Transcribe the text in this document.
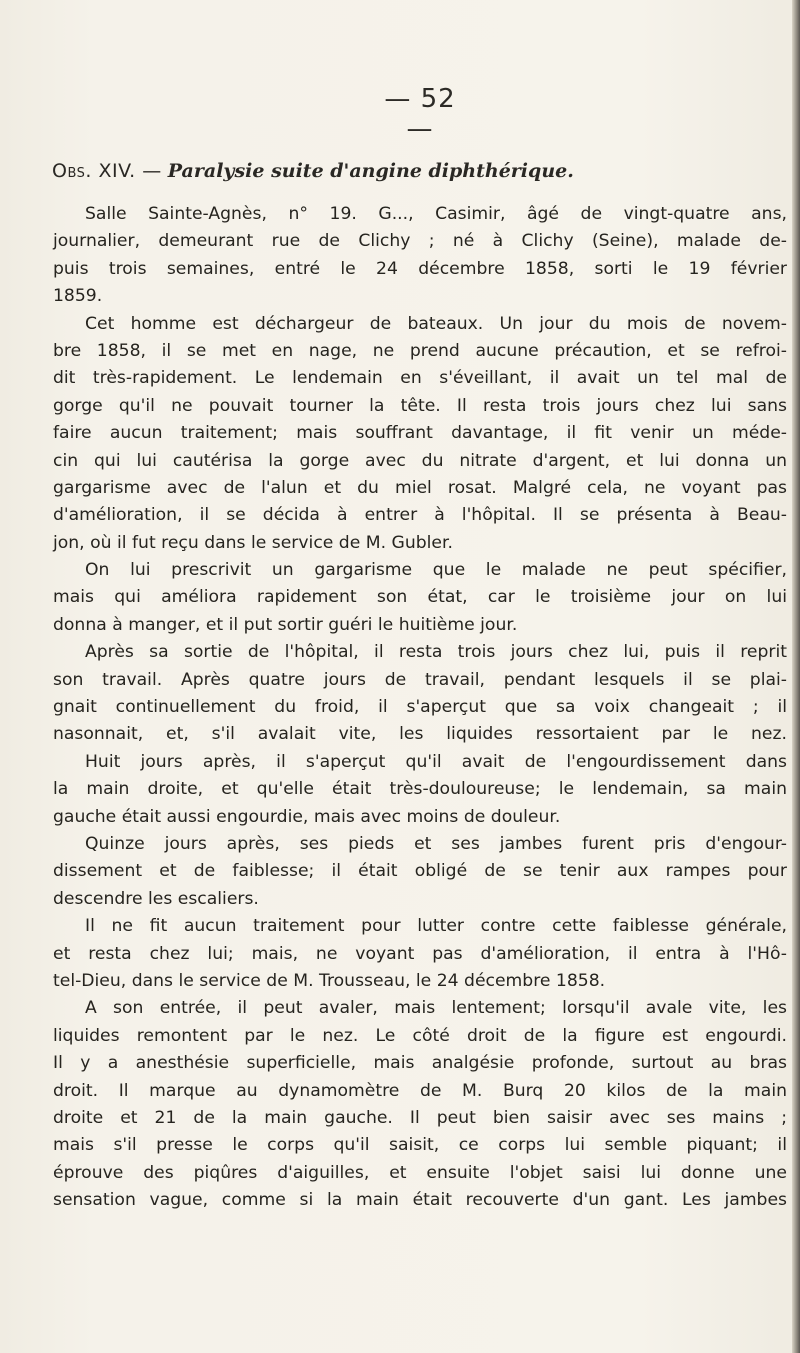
— 52 —
Obs. XIV. — Paralysie suite d'angine diphthérique.
Salle Sainte-Agnès, n° 19. G..., Casimir, âgé de vingt-quatre ans,
journalier, demeurant rue de Clichy ; né à Clichy (Seine), malade de-
puis trois semaines, entré le 24 décembre 1858, sorti le 19 février
1859.
Cet homme est déchargeur de bateaux. Un jour du mois de novem-
bre 1858, il se met en nage, ne prend aucune précaution, et se refroi-
dit très-rapidement. Le lendemain en s'éveillant, il avait un tel mal de
gorge qu'il ne pouvait tourner la tête. Il resta trois jours chez lui sans
faire aucun traitement; mais souffrant davantage, il fit venir un méde-
cin qui lui cautérisa la gorge avec du nitrate d'argent, et lui donna un
gargarisme avec de l'alun et du miel rosat. Malgré cela, ne voyant pas
d'amélioration, il se décida à entrer à l'hôpital. Il se présenta à Beau-
jon, où il fut reçu dans le service de M. Gubler.
On lui prescrivit un gargarisme que le malade ne peut spécifier,
mais qui améliora rapidement son état, car le troisième jour on lui
donna à manger, et il put sortir guéri le huitième jour.
Après sa sortie de l'hôpital, il resta trois jours chez lui, puis il reprit
son travail. Après quatre jours de travail, pendant lesquels il se plai-
gnait continuellement du froid, il s'aperçut que sa voix changeait ; il
nasonnait, et, s'il avalait vite, les liquides ressortaient par le nez.
Huit jours après, il s'aperçut qu'il avait de l'engourdissement dans
la main droite, et qu'elle était très-douloureuse; le lendemain, sa main
gauche était aussi engourdie, mais avec moins de douleur.
Quinze jours après, ses pieds et ses jambes furent pris d'engour-
dissement et de faiblesse; il était obligé de se tenir aux rampes pour
descendre les escaliers.
Il ne fit aucun traitement pour lutter contre cette faiblesse générale,
et resta chez lui; mais, ne voyant pas d'amélioration, il entra à l'Hô-
tel-Dieu, dans le service de M. Trousseau, le 24 décembre 1858.
A son entrée, il peut avaler, mais lentement; lorsqu'il avale vite, les
liquides remontent par le nez. Le côté droit de la figure est engourdi.
Il y a anesthésie superficielle, mais analgésie profonde, surtout au bras
droit. Il marque au dynamomètre de M. Burq 20 kilos de la main
droite et 21 de la main gauche. Il peut bien saisir avec ses mains ;
mais s'il presse le corps qu'il saisit, ce corps lui semble piquant; il
éprouve des piqûres d'aiguilles, et ensuite l'objet saisi lui donne une
sensation vague, comme si la main était recouverte d'un gant. Les jambes
